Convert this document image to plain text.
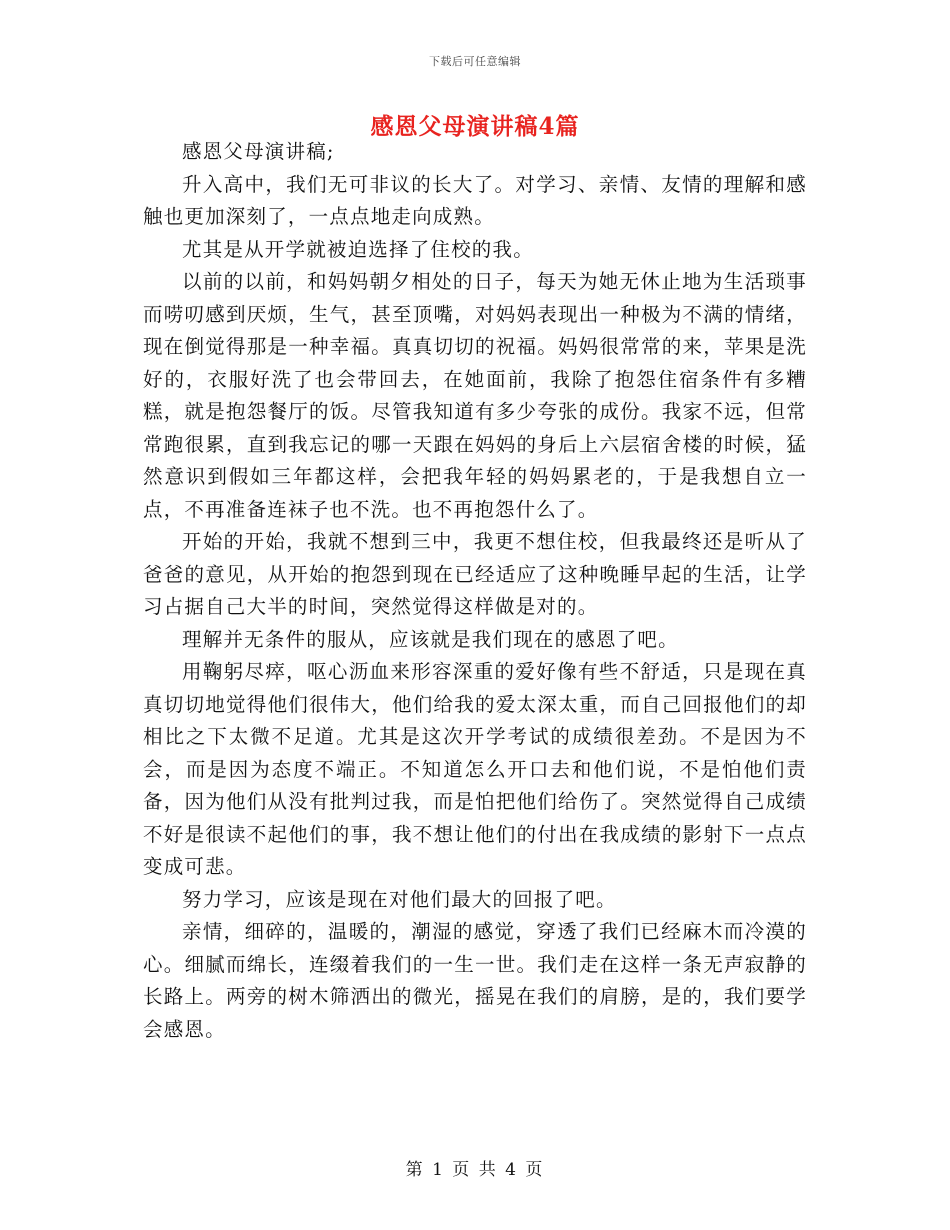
下载后可任意编辑
感恩父母演讲稿4篇

感恩父母演讲稿;

升入高中，我们无可非议的长大了。对学习、亲情、友情的理解和感触也更加深刻了，一点点地走向成熟。

尤其是从开学就被迫选择了住校的我。

以前的以前，和妈妈朝夕相处的日子，每天为她无休止地为生活琐事而唠叨感到厌烦，生气，甚至顶嘴，对妈妈表现出一种极为不满的情绪，现在倒觉得那是一种幸福。真真切切的祝福。妈妈很常常的来，苹果是洗好的，衣服好洗了也会带回去，在她面前，我除了抱怨住宿条件有多糟糕，就是抱怨餐厅的饭。尽管我知道有多少夸张的成份。我家不远，但常常跑很累，直到我忘记的哪一天跟在妈妈的身后上六层宿舍楼的时候，猛然意识到假如三年都这样，会把我年轻的妈妈累老的，于是我想自立一点，不再准备连袜子也不洗。也不再抱怨什么了。

开始的开始，我就不想到三中，我更不想住校，但我最终还是听从了爸爸的意见，从开始的抱怨到现在已经适应了这种晚睡早起的生活，让学习占据自己大半的时间，突然觉得这样做是对的。

理解并无条件的服从，应该就是我们现在的感恩了吧。

用鞠躬尽瘁，呕心沥血来形容深重的爱好像有些不舒适，只是现在真真切切地觉得他们很伟大，他们给我的爱太深太重，而自己回报他们的却相比之下太微不足道。尤其是这次开学考试的成绩很差劲。不是因为不会，而是因为态度不端正。不知道怎么开口去和他们说，不是怕他们责备，因为他们从没有批判过我，而是怕把他们给伤了。突然觉得自己成绩不好是很读不起他们的事，我不想让他们的付出在我成绩的影射下一点点变成可悲。

努力学习，应该是现在对他们最大的回报了吧。

亲情，细碎的，温暖的，潮湿的感觉，穿透了我们已经麻木而冷漠的心。细腻而绵长，连缀着我们的一生一世。我们走在这样一条无声寂静的长路上。两旁的树木筛洒出的微光，摇晃在我们的肩膀，是的，我们要学会感恩。

第 1 页 共 4 页
